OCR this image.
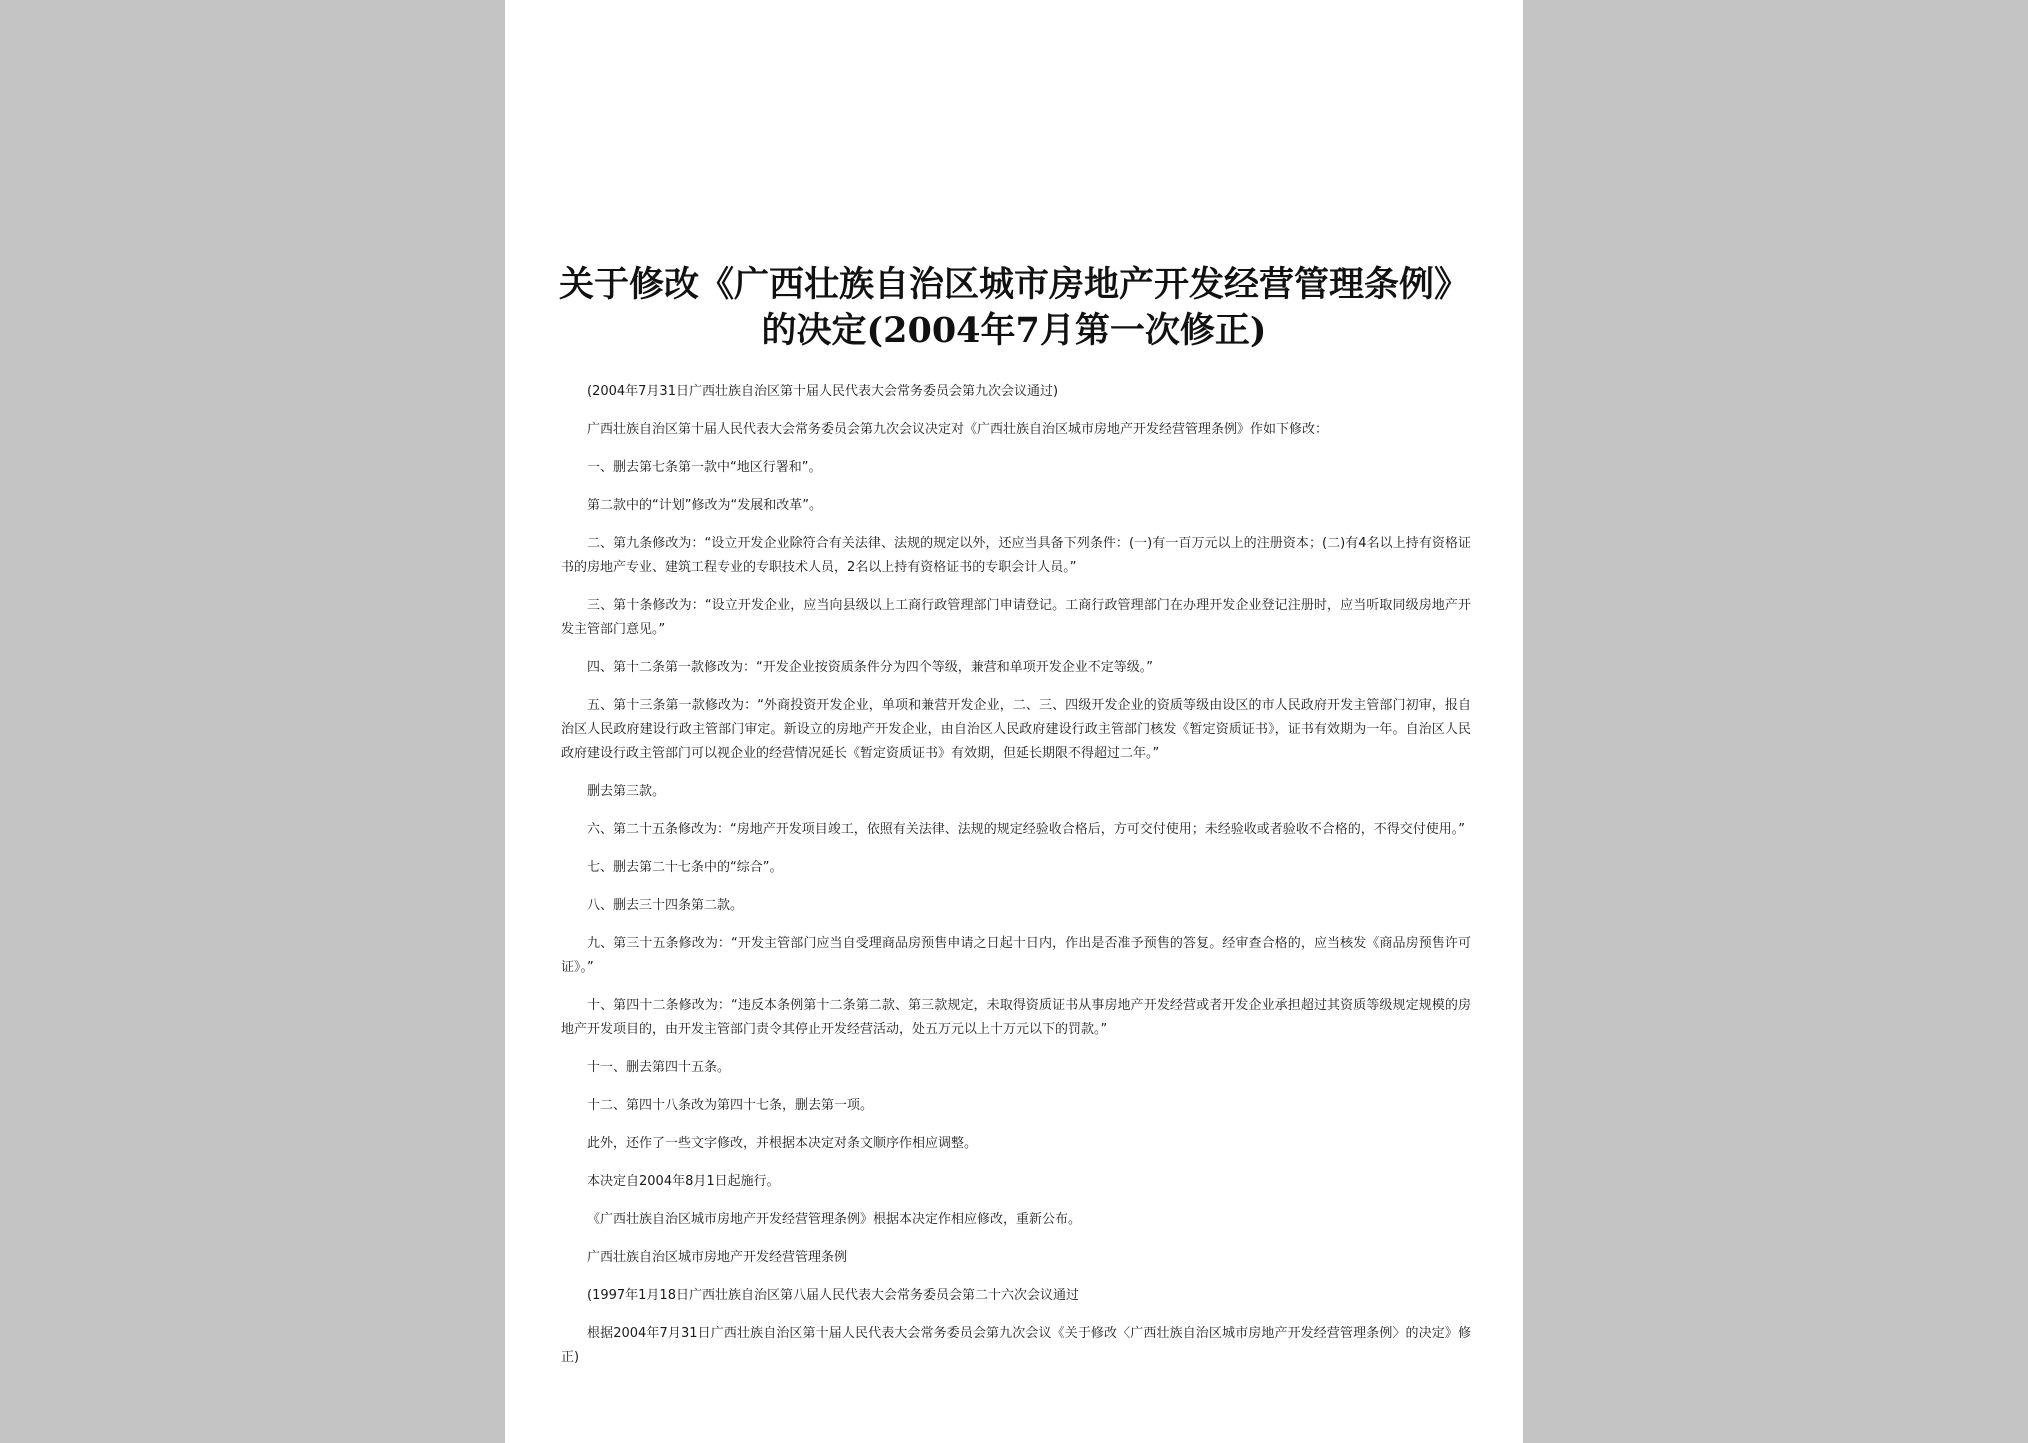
关于修改《广西壮族自治区城市房地产开发经营管理条例》的决定(2004年7月第一次修正)

(2004年7月31日广西壮族自治区第十届人民代表大会常务委员会第九次会议通过)

广西壮族自治区第十届人民代表大会常务委员会第九次会议决定对《广西壮族自治区城市房地产开发经营管理条例》作如下修改：

一、删去第七条第一款中“地区行署和”。

第二款中的“计划”修改为“发展和改革”。

二、第九条修改为：“设立开发企业除符合有关法律、法规的规定以外，还应当具备下列条件：(一)有一百万元以上的注册资本；(二)有4名以上持有资格证书的房地产专业、建筑工程专业的专职技术人员，2名以上持有资格证书的专职会计人员。”

三、第十条修改为：“设立开发企业，应当向县级以上工商行政管理部门申请登记。工商行政管理部门在办理开发企业登记注册时，应当听取同级房地产开发主管部门意见。”

四、第十二条第一款修改为：“开发企业按资质条件分为四个等级，兼营和单项开发企业不定等级。”

五、第十三条第一款修改为：“外商投资开发企业，单项和兼营开发企业，二、三、四级开发企业的资质等级由设区的市人民政府开发主管部门初审，报自治区人民政府建设行政主管部门审定。新设立的房地产开发企业，由自治区人民政府建设行政主管部门核发《暂定资质证书》，证书有效期为一年。自治区人民政府建设行政主管部门可以视企业的经营情况延长《暂定资质证书》有效期，但延长期限不得超过二年。”

删去第三款。

六、第二十五条修改为：“房地产开发项目竣工，依照有关法律、法规的规定经验收合格后，方可交付使用；未经验收或者验收不合格的，不得交付使用。”

七、删去第二十七条中的“综合”。

八、删去三十四条第二款。

九、第三十五条修改为：“开发主管部门应当自受理商品房预售申请之日起十日内，作出是否准予预售的答复。经审查合格的，应当核发《商品房预售许可证》。”

十、第四十二条修改为：“违反本条例第十二条第二款、第三款规定，未取得资质证书从事房地产开发经营或者开发企业承担超过其资质等级规定规模的房地产开发项目的，由开发主管部门责令其停止开发经营活动，处五万元以上十万元以下的罚款。”

十一、删去第四十五条。

十二、第四十八条改为第四十七条，删去第一项。

此外，还作了一些文字修改，并根据本决定对条文顺序作相应调整。

本决定自2004年8月1日起施行。

《广西壮族自治区城市房地产开发经营管理条例》根据本决定作相应修改，重新公布。

广西壮族自治区城市房地产开发经营管理条例

(1997年1月18日广西壮族自治区第八届人民代表大会常务委员会第二十六次会议通过

根据2004年7月31日广西壮族自治区第十届人民代表大会常务委员会第九次会议《关于修改〈广西壮族自治区城市房地产开发经营管理条例〉的决定》修正)
